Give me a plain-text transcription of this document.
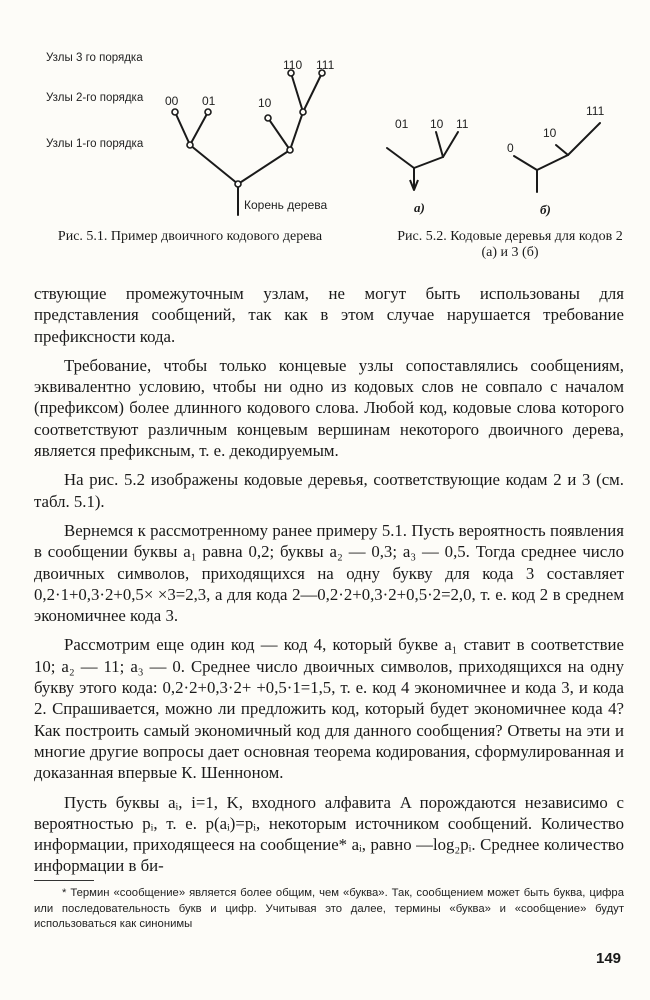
Узлы 3 го порядка
Узлы 2-го порядка
Узлы 1-го порядка
00 01	10
110 111
Корень дерева
Рис. 5.1. Пример двоичного кодового дерева
01 10 11
а)
0
10
111
б)
Рис. 5.2. Кодовые деревья для кодов 2 (а) и 3 (б)

ствующие промежуточным узлам, не могут быть использованы для представления сообщений, так как в этом случае нарушается требование префиксности кода.

Требование, чтобы только концевые узлы сопоставлялись сообщениям, эквивалентно условию, чтобы ни одно из кодовых слов не совпало с началом (префиксом) более длинного кодового слова. Любой код, кодовые слова которого соответствуют различным концевым вершинам некоторого двоичного дерева, является префиксным, т. е. декодируемым.

На рис. 5.2 изображены кодовые деревья, соответствующие кодам 2 и 3 (см. табл. 5.1).

Вернемся к рассмотренному ранее примеру 5.1. Пусть вероятность появления в сообщении буквы a₁ равна 0,2; буквы a₂ — 0,3; a₃ — 0,5. Тогда среднее число двоичных символов, приходящихся на одну букву для кода 3 составляет 0,2·1+0,3·2+0,5× ×3=2,3, а для кода 2—0,2·2+0,3·2+0,5·2=2,0, т. е. код 2 в среднем экономичнее кода 3.

Рассмотрим еще один код — код 4, который букве a₁ ставит в соответствие 10; a₂ — 11; a₃ — 0. Среднее число двоичных символов, приходящихся на одну букву этого кода: 0,2·2+0,3·2+ +0,5·1=1,5, т. е. код 4 экономичнее и кода 3, и кода 2. Спрашивается, можно ли предложить код, который будет экономичнее кода 4? Как построить самый экономичный код для данного сообщения? Ответы на эти и многие другие вопросы дает основная теорема кодирования, сформулированная и доказанная впервые К. Шенноном.

Пусть буквы aᵢ, i=1, K, входного алфавита A порождаются независимо с вероятностью pᵢ, т. е. p(aᵢ)=pᵢ, некоторым источником сообщений. Количество информации, приходящееся на сообщение* aᵢ, равно —log₂pᵢ. Среднее количество информации в би-

* Термин «сообщение» является более общим, чем «буква». Так, сообщением может быть буква, цифра или последовательность букв и цифр. Учитывая это далее, термины «буква» и «сообщение» будут использоваться как синонимы
149
